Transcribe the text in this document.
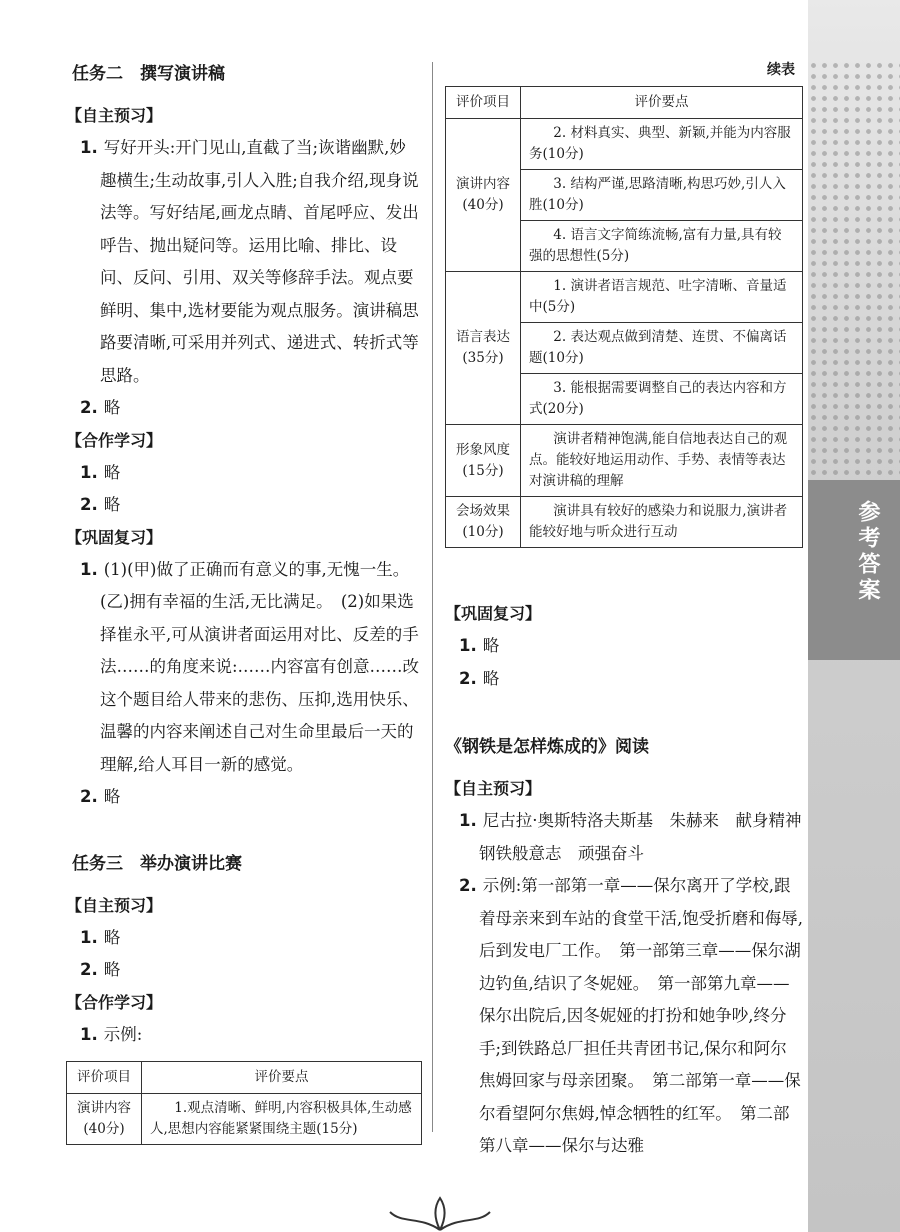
参考答案
任务二　撰写演讲稿
【自主预习】

1. 写好开头:开门见山,直截了当;诙谐幽默,妙趣横生;生动故事,引人入胜;自我介绍,现身说法等。写好结尾,画龙点睛、首尾呼应、发出呼告、抛出疑问等。运用比喻、排比、设问、反问、引用、双关等修辞手法。观点要鲜明、集中,选材要能为观点服务。演讲稿思路要清晰,可采用并列式、递进式、转折式等思路。

2. 略

【合作学习】

1. 略

2. 略

【巩固复习】

1. (1)(甲)做了正确而有意义的事,无愧一生。(乙)拥有幸福的生活,无比满足。　(2)如果选择崔永平,可从演讲者面运用对比、反差的手法……的角度来说:……内容富有创意……改这个题目给人带来的悲伤、压抑,选用快乐、温馨的内容来阐述自己对生命里最后一天的理解,给人耳目一新的感觉。

2. 略

任务三　举办演讲比赛
【自主预习】

1. 略

2. 略

【合作学习】

1. 示例:

评价项目	评价要点
演讲内容
(40分)	1.观点清晰、鲜明,内容积极具体,生动感人,思想内容能紧紧围绕主题(15分)
续表
评价项目	评价要点
演讲内容
(40分)	2. 材料真实、典型、新颖,并能为内容服务(10分)
	3. 结构严谨,思路清晰,构思巧妙,引人入胜(10分)
	4. 语言文字简练流畅,富有力量,具有较强的思想性(5分)
语言表达
(35分)	1. 演讲者语言规范、吐字清晰、音量适中(5分)
	2. 表达观点做到清楚、连贯、不偏离话题(10分)
	3. 能根据需要调整自己的表达内容和方式(20分)
形象风度
(15分)	演讲者精神饱满,能自信地表达自己的观点。能较好地运用动作、手势、表情等表达对演讲稿的理解
会场效果
(10分)	演讲具有较好的感染力和说服力,演讲者能较好地与听众进行互动
【巩固复习】

1. 略

2. 略

《钢铁是怎样炼成的》阅读
【自主预习】

1. 尼古拉·奥斯特洛夫斯基　朱赫来　献身精神　钢铁般意志　顽强奋斗

2. 示例:第一部第一章——保尔离开了学校,跟着母亲来到车站的食堂干活,饱受折磨和侮辱,后到发电厂工作。　第一部第三章——保尔湖边钓鱼,结识了冬妮娅。　第一部第九章——保尔出院后,因冬妮娅的打扮和她争吵,终分手;到铁路总厂担任共青团书记,保尔和阿尔焦姆回家与母亲团聚。　第二部第一章——保尔看望阿尔焦姆,悼念牺牲的红军。　第二部第八章——保尔与达雅
